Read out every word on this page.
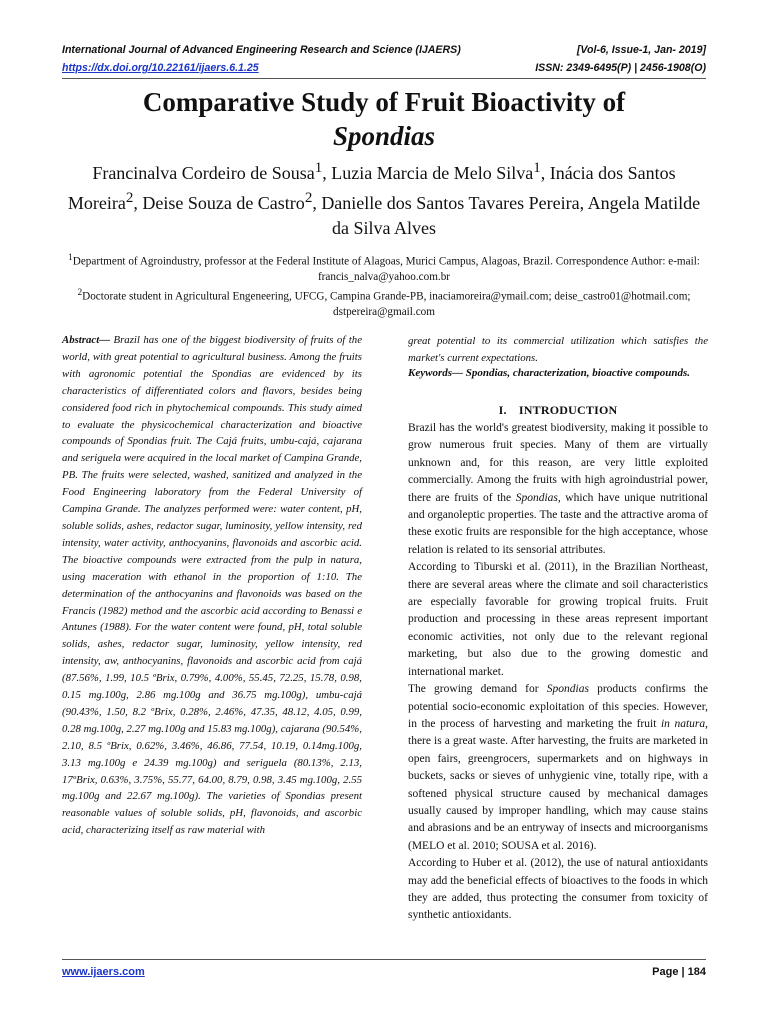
International Journal of Advanced Engineering Research and Science (IJAERS)	[Vol-6, Issue-1, Jan- 2019]
https://dx.doi.org/10.22161/ijaers.6.1.25	ISSN: 2349-6495(P) | 2456-1908(O)
Comparative Study of Fruit Bioactivity of
Spondias
Francinalva Cordeiro de Sousa$^1$, Luzia Marcia de Melo Silva$^1$, Inácia dos Santos Moreira$^2$, Deise Souza de Castro$^2$, Danielle dos Santos Tavares Pereira, Angela Matilde da Silva Alves
$^1$Department of Agroindustry, professor at the Federal Institute of Alagoas, Murici Campus, Alagoas, Brazil. Correspondence Author: e-mail: francis_nalva@yahoo.com.br
$^2$Doctorate student in Agricultural Engeneering, UFCG, Campina Grande-PB, inaciamoreira@ymail.com; deise_castro01@hotmail.com; dstpereira@gmail.com

Abstract— Brazil has one of the biggest biodiversity of fruits of the world, with great potential to agricultural business. Among the fruits with agronomic potential the Spondias are evidenced by its characteristics of differentiated colors and flavors, besides being considered food rich in phytochemical compounds. This study aimed to evaluate the physicochemical characterization and bioactive compounds of Spondias fruit. The Cajá fruits, umbu-cajá, cajarana and seriguela were acquired in the local market of Campina Grande, PB. The fruits were selected, washed, sanitized and analyzed in the Food Engineering laboratory from the Federal University of Campina Grande. The analyzes performed were: water content, pH, soluble solids, ashes, redactor sugar, luminosity, yellow intensity, red intensity, water activity, anthocyanins, flavonoids and ascorbic acid. The bioactive compounds were extracted from the pulp in natura, using maceration with ethanol in the proportion of 1:10. The determination of the anthocyanins and flavonoids was based on the Francis (1982) method and the ascorbic acid according to Benassi e Antunes (1988). For the water content were found, pH, total soluble solids, ashes, redactor sugar, luminosity, yellow intensity, red intensity, aw, anthocyanins, flavonoids and ascorbic acid from cajá (87.56%, 1.99, 10.5 ºBrix, 0.79%, 4.00%, 55.45, 72.25, 15.78, 0.98, 0.15 mg.100g, 2.86 mg.100g and 36.75 mg.100g), umbu-cajá (90.43%, 1.50, 8.2 ºBrix, 0.28%, 2.46%, 47.35, 48.12, 4.05, 0.99, 0.28 mg.100g, 2.27 mg.100g and 15.83 mg.100g), cajarana (90.54%, 2.10, 8.5 ºBrix, 0.62%, 3.46%, 46.86, 77.54, 10.19, 0.14mg.100g, 3.13 mg.100g e 24.39 mg.100g) and seriguela (80.13%, 2.13, 17ºBrix, 0.63%, 3.75%, 55.77, 64.00, 8.79, 0.98, 3.45 mg.100g, 2.55 mg.100g and 22.67 mg.100g). The varieties of Spondias present reasonable values of soluble solids, pH, flavonoids, and ascorbic acid, characterizing itself as raw material with

great potential to its commercial utilization which satisfies the market's current expectations.

Keywords— Spondias, characterization, bioactive compounds.

I. INTRODUCTION

Brazil has the world's greatest biodiversity, making it possible to grow numerous fruit species. Many of them are virtually unknown and, for this reason, are very little exploited commercially. Among the fruits with high agroindustrial power, there are fruits of the Spondias, which have unique nutritional and organoleptic properties. The taste and the attractive aroma of these exotic fruits are responsible for the high acceptance, whose relation is related to its sensorial attributes.

According to Tiburski et al. (2011), in the Brazilian Northeast, there are several areas where the climate and soil characteristics are especially favorable for growing tropical fruits. Fruit production and processing in these areas represent important economic activities, not only due to the relevant regional marketing, but also due to the growing domestic and international market.

The growing demand for Spondias products confirms the potential socio-economic exploitation of this species. However, in the process of harvesting and marketing the fruit in natura, there is a great waste. After harvesting, the fruits are marketed in open fairs, greengrocers, supermarkets and on highways in buckets, sacks or sieves of unhygienic vine, totally ripe, with a softened physical structure caused by mechanical damages usually caused by improper handling, which may cause stains and abrasions and be an entryway of insects and microorganisms (MELO et al. 2010; SOUSA et al. 2016).

According to Huber et al. (2012), the use of natural antioxidants may add the beneficial effects of bioactives to the foods in which they are added, thus protecting the consumer from toxicity of synthetic antioxidants.

www.ijaers.com	Page | 184
